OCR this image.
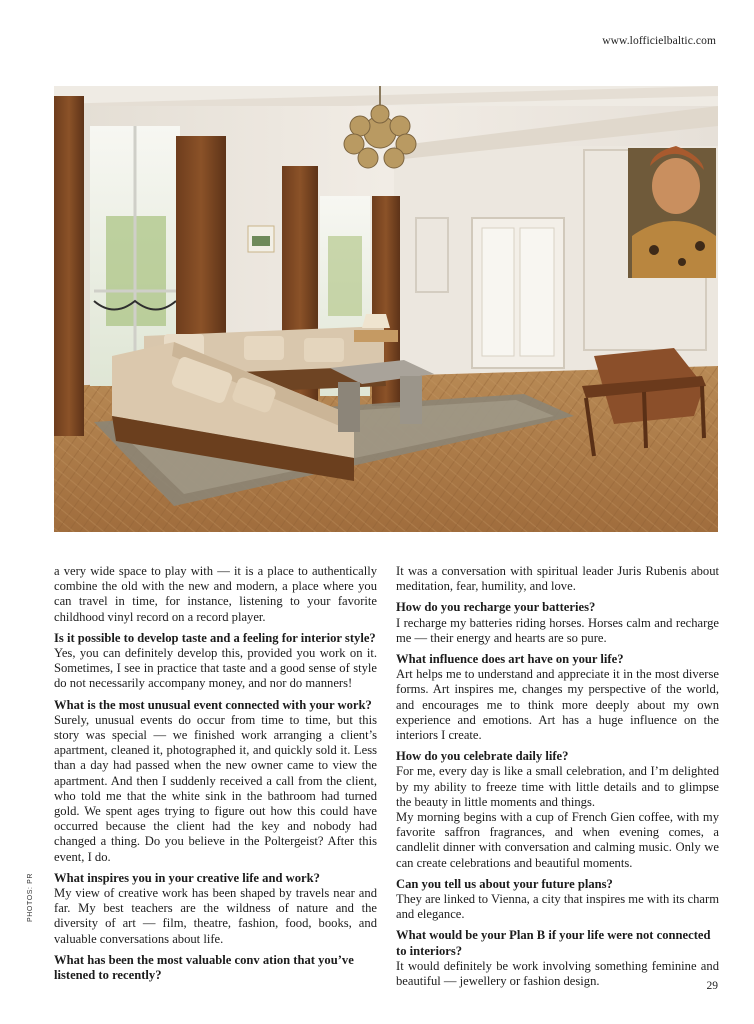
www.lofficielbaltic.com

a very wide space to play with — it is a place to authentically combine the old with the new and modern, a place where you can travel in time, for instance, listening to your favorite childhood vinyl record on a record player.

Is it possible to develop taste and a feeling for interior style?

Yes, you can definitely develop this, provided you work on it. Sometimes, I see in practice that taste and a good sense of style do not necessarily accompany money, and nor do manners!

What is the most unusual event connected with your work?

Surely, unusual events do occur from time to time, but this story was special — we finished work arranging a client’s apartment, cleaned it, photographed it, and quickly sold it. Less than a day had passed when the new owner came to view the apartment. And then I suddenly received a call from the client, who told me that the white sink in the bathroom had turned gold. We spent ages trying to figure out how this could have occurred because the client had the key and nobody had changed a thing. Do you believe in the Poltergeist? After this event, I do.

What inspires you in your creative life and work?

My view of creative work has been shaped by travels near and far. My best teachers are the wildness of nature and the diversity of art — film, theatre, fashion, food, books, and valuable conversations about life.

What has been the most valuable conv ation that you’ve listened to recently?

It was a conversation with spiritual leader Juris Rubenis about meditation, fear, humility, and love.

How do you recharge your batteries?

I recharge my batteries riding horses. Horses calm and recharge me — their energy and hearts are so pure.

What influence does art have on your life?

Art helps me to understand and appreciate it in the most diverse forms. Art inspires me, changes my perspective of the world, and encourages me to think more deeply about my own experience and emotions. Art has a huge influence on the interiors I create.

How do you celebrate daily life?

For me, every day is like a small celebration, and I’m delighted by my ability to freeze time with little details and to glimpse the beauty in little moments and things.

My morning begins with a cup of French Gien coffee, with my favorite saffron fragrances, and when evening comes, a candlelit dinner with conversation and calming music. Only we can create celebrations and beautiful moments.

Can you tell us about your future plans?

They are linked to Vienna, a city that inspires me with its charm and elegance.

What would be your Plan B if your life were not connected to interiors?

It would definitely be work involving something feminine and beautiful — jewellery or fashion design.

PHOTOS: PR
29
